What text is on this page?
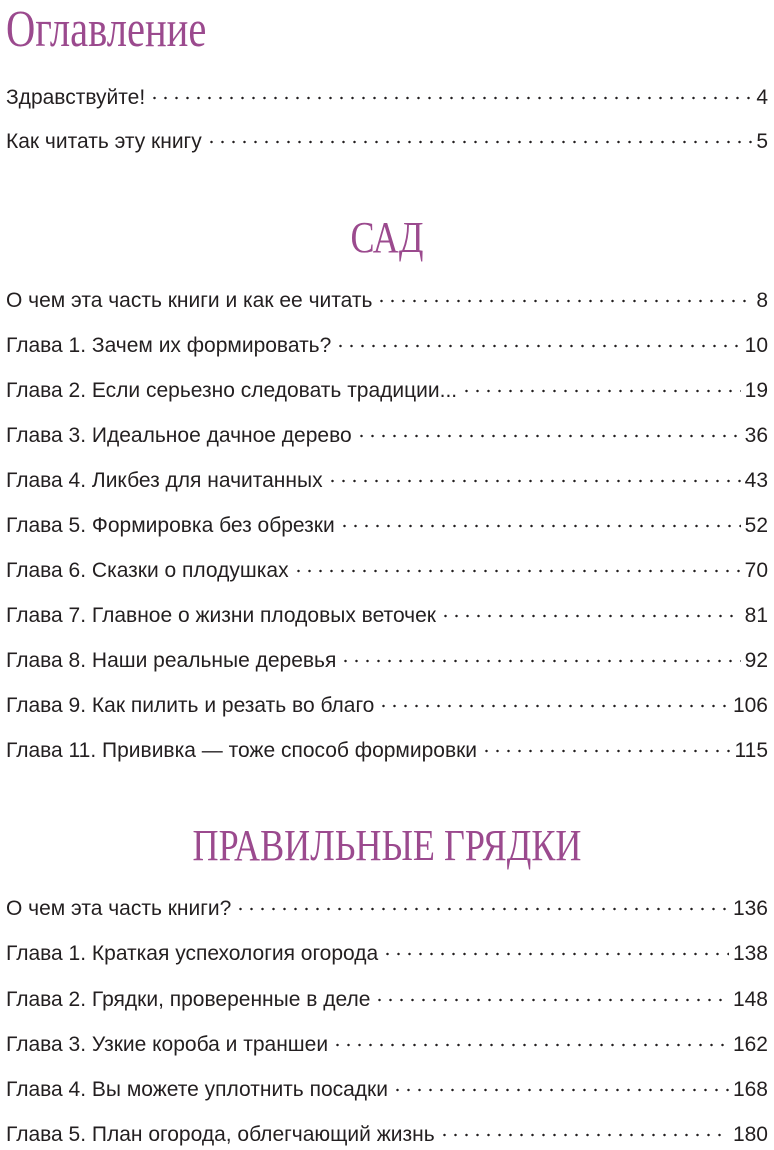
Оглавление
Здравствуйте!	4
Как читать эту книгу	5
САД
О чем эта часть книги и как ее читать	8
Глава 1. Зачем их формировать?	10
Глава 2. Если серьезно следовать традиции...	19
Глава 3. Идеальное дачное дерево	36
Глава 4. Ликбез для начитанных	43
Глава 5. Формировка без обрезки	52
Глава 6. Сказки о плодушках	70
Глава 7. Главное о жизни плодовых веточек	81
Глава 8. Наши реальные деревья	92
Глава 9. Как пилить и резать во благо	106
Глава 11. Прививка — тоже способ формировки	115
ПРАВИЛЬНЫЕ ГРЯДКИ
О чем эта часть книги?	136
Глава 1. Краткая успехология огорода	138
Глава 2. Грядки, проверенные в деле	148
Глава 3. Узкие короба и траншеи	162
Глава 4. Вы можете уплотнить посадки	168
Глава 5. План огорода, облегчающий жизнь	180
